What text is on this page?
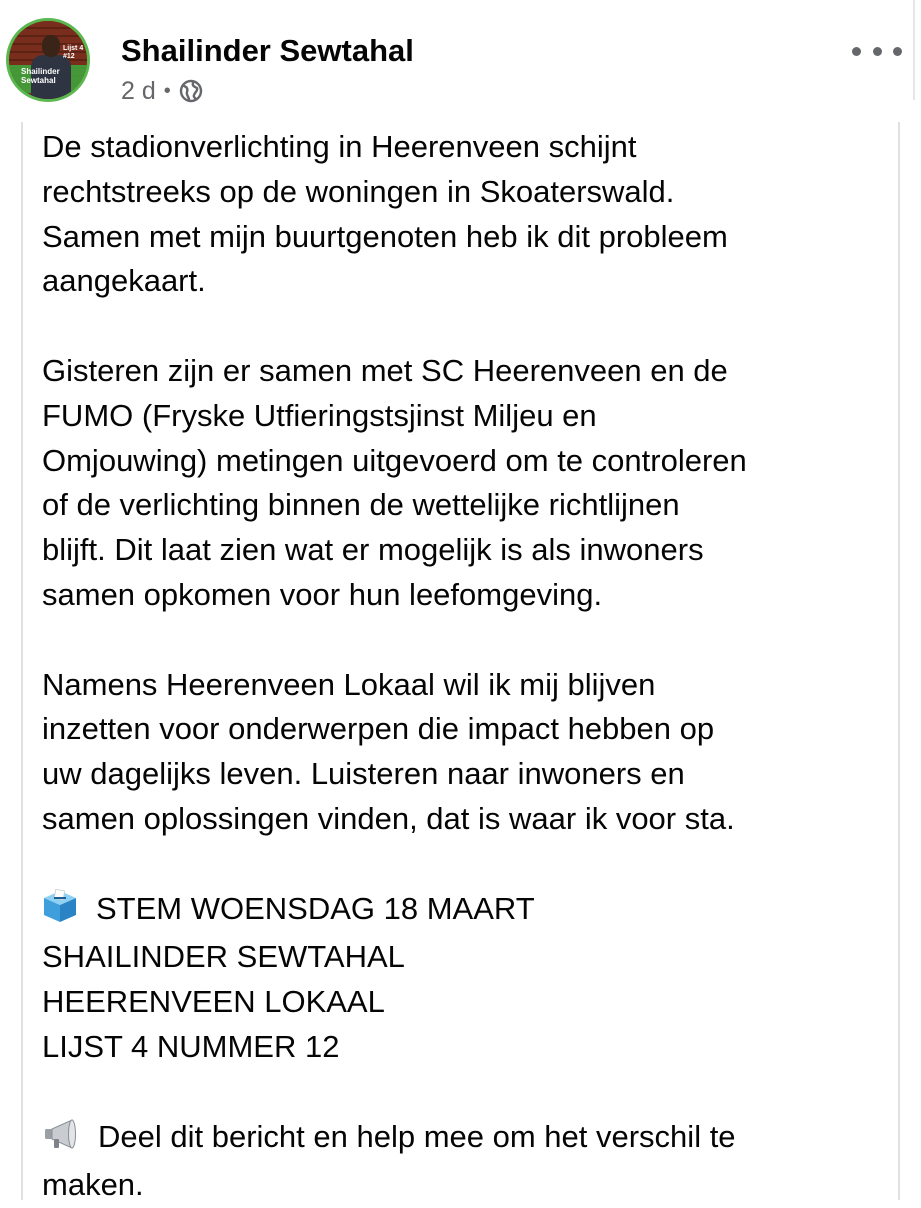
Shailinder
Sewtahal
Lijst 4
#12 Shailinder Sewtahal
2 d •

De stadionverlichting in Heerenveen schijnt

rechtstreeks op de woningen in Skoaterswald.

Samen met mijn buurtgenoten heb ik dit probleem

aangekaart.

Gisteren zijn er samen met SC Heerenveen en de

FUMO (Fryske Utfieringstsjinst Miljeu en

Omjouwing) metingen uitgevoerd om te controleren

of de verlichting binnen de wettelijke richtlijnen

blijft. Dit laat zien wat er mogelijk is als inwoners

samen opkomen voor hun leefomgeving.

Namens Heerenveen Lokaal wil ik mij blijven

inzetten voor onderwerpen die impact hebben op

uw dagelijks leven. Luisteren naar inwoners en

samen oplossingen vinden, dat is waar ik voor sta.

STEM WOENSDAG 18 MAART

SHAILINDER SEWTAHAL

HEERENVEEN LOKAAL

LIJST 4 NUMMER 12

Deel dit bericht en help mee om het verschil te

maken.
